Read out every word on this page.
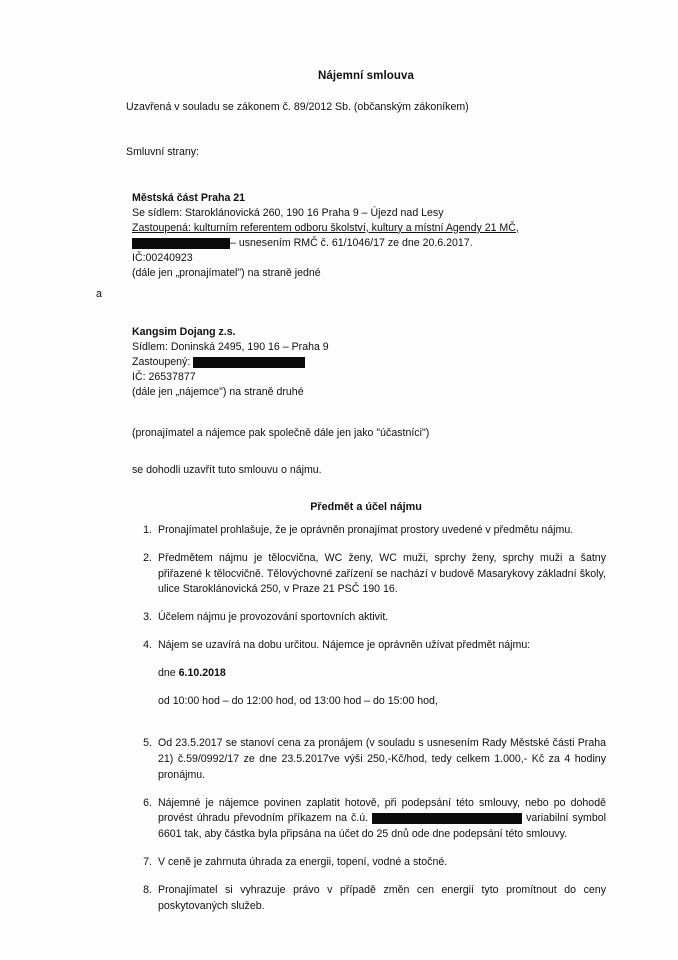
a
Nájemní smlouva
Uzavřená v souladu se zákonem č. 89/2012 Sb. (občanským zákoníkem)
Smluvní strany:
Městská část Praha 21
Se sídlem: Staroklánovická 260, 190 16 Praha 9 – Újezd nad Lesy
Zastoupená: kulturním referentem odboru školství, kultury a místní Agendy 21 MČ,
– usnesením RMČ č. 61/1046/17 ze dne 20.6.2017.
IČ:00240923
(dále jen „pronajímatel") na straně jedné
Kangsim Dojang z.s.
Sídlem: Doninská 2495, 190 16 – Praha 9
Zastoupený:
IČ: 26537877
(dále jen „nájemce") na straně druhé
(pronajímatel a nájemce pak společně dále jen jako "účastníci")
se dohodli uzavřít tuto smlouvu o nájmu.
Předmět a účel nájmu
1. Pronajímatel prohlašuje, že je oprávněn pronajímat prostory uvedené v předmětu nájmu.
2. Předmětem nájmu je tělocvična, WC ženy, WC muži, sprchy ženy, sprchy muži a šatny přiřazené k tělocvičně. Tělovýchovné zařízení se nachází v budově Masarykovy základní školy, ulice Staroklánovická 250, v Praze 21 PSČ 190 16.
3. Účelem nájmu je provozování sportovních aktivit.
4. Nájem se uzavírá na dobu určitou. Nájemce je oprávněn užívat předmět nájmu:
dne 6.10.2018
od 10:00 hod – do 12:00 hod, od 13:00 hod – do 15:00 hod,
5. Od 23.5.2017 se stanoví cena za pronájem (v souladu s usnesením Rady Městské části Praha 21) č.59/0992/17 ze dne 23.5.2017ve výši 250,-Kč/hod, tedy celkem 1.000,- Kč za 4 hodiny pronájmu.
6. Nájemné je nájemce povinen zaplatit hotově, při podepsání této smlouvy, nebo po dohodě provést úhradu převodním příkazem na č.ú.	variabilní symbol 6601 tak, aby částka byla připsána na účet do 25 dnů ode dne podepsání této smlouvy.
7. V ceně je zahrnuta úhrada za energii, topení, vodné a stočné.
8. Pronajímatel si vyhrazuje právo v případě změn cen energií tyto promítnout do ceny poskytovaných služeb.
